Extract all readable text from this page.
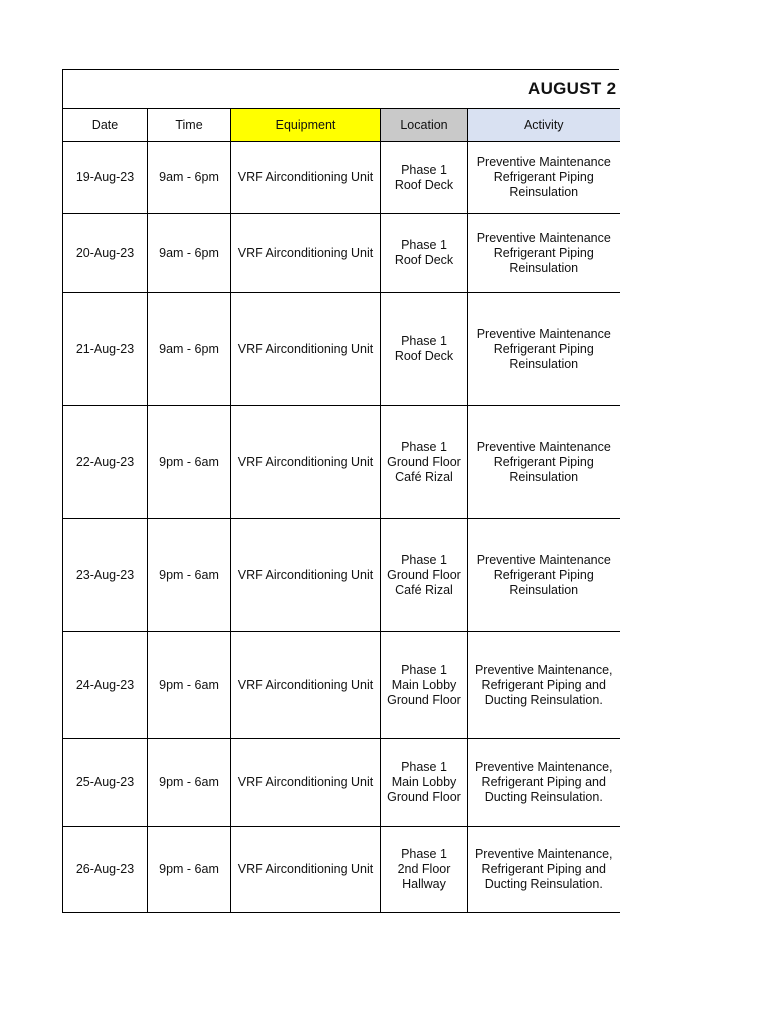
AUGUST 2
Date	Time	Equipment	Location	Activity
19-Aug-23	9am - 6pm	VRF Airconditioning Unit	Phase 1
Roof Deck	Preventive Maintenance
Refrigerant Piping
Reinsulation
20-Aug-23	9am - 6pm	VRF Airconditioning Unit	Phase 1
Roof Deck	Preventive Maintenance
Refrigerant Piping
Reinsulation
21-Aug-23	9am - 6pm	VRF Airconditioning Unit	Phase 1
Roof Deck	Preventive Maintenance
Refrigerant Piping
Reinsulation
22-Aug-23	9pm - 6am	VRF Airconditioning Unit	Phase 1
Ground Floor
Café Rizal	Preventive Maintenance
Refrigerant Piping
Reinsulation
23-Aug-23	9pm - 6am	VRF Airconditioning Unit	Phase 1
Ground Floor
Café Rizal	Preventive Maintenance
Refrigerant Piping
Reinsulation
24-Aug-23	9pm - 6am	VRF Airconditioning Unit	Phase 1
Main Lobby
Ground Floor	Preventive Maintenance,
Refrigerant Piping and
Ducting Reinsulation.
25-Aug-23	9pm - 6am	VRF Airconditioning Unit	Phase 1
Main Lobby
Ground Floor	Preventive Maintenance,
Refrigerant Piping and
Ducting Reinsulation.
26-Aug-23	9pm - 6am	VRF Airconditioning Unit	Phase 1
2nd Floor
Hallway	Preventive Maintenance,
Refrigerant Piping and
Ducting Reinsulation.
